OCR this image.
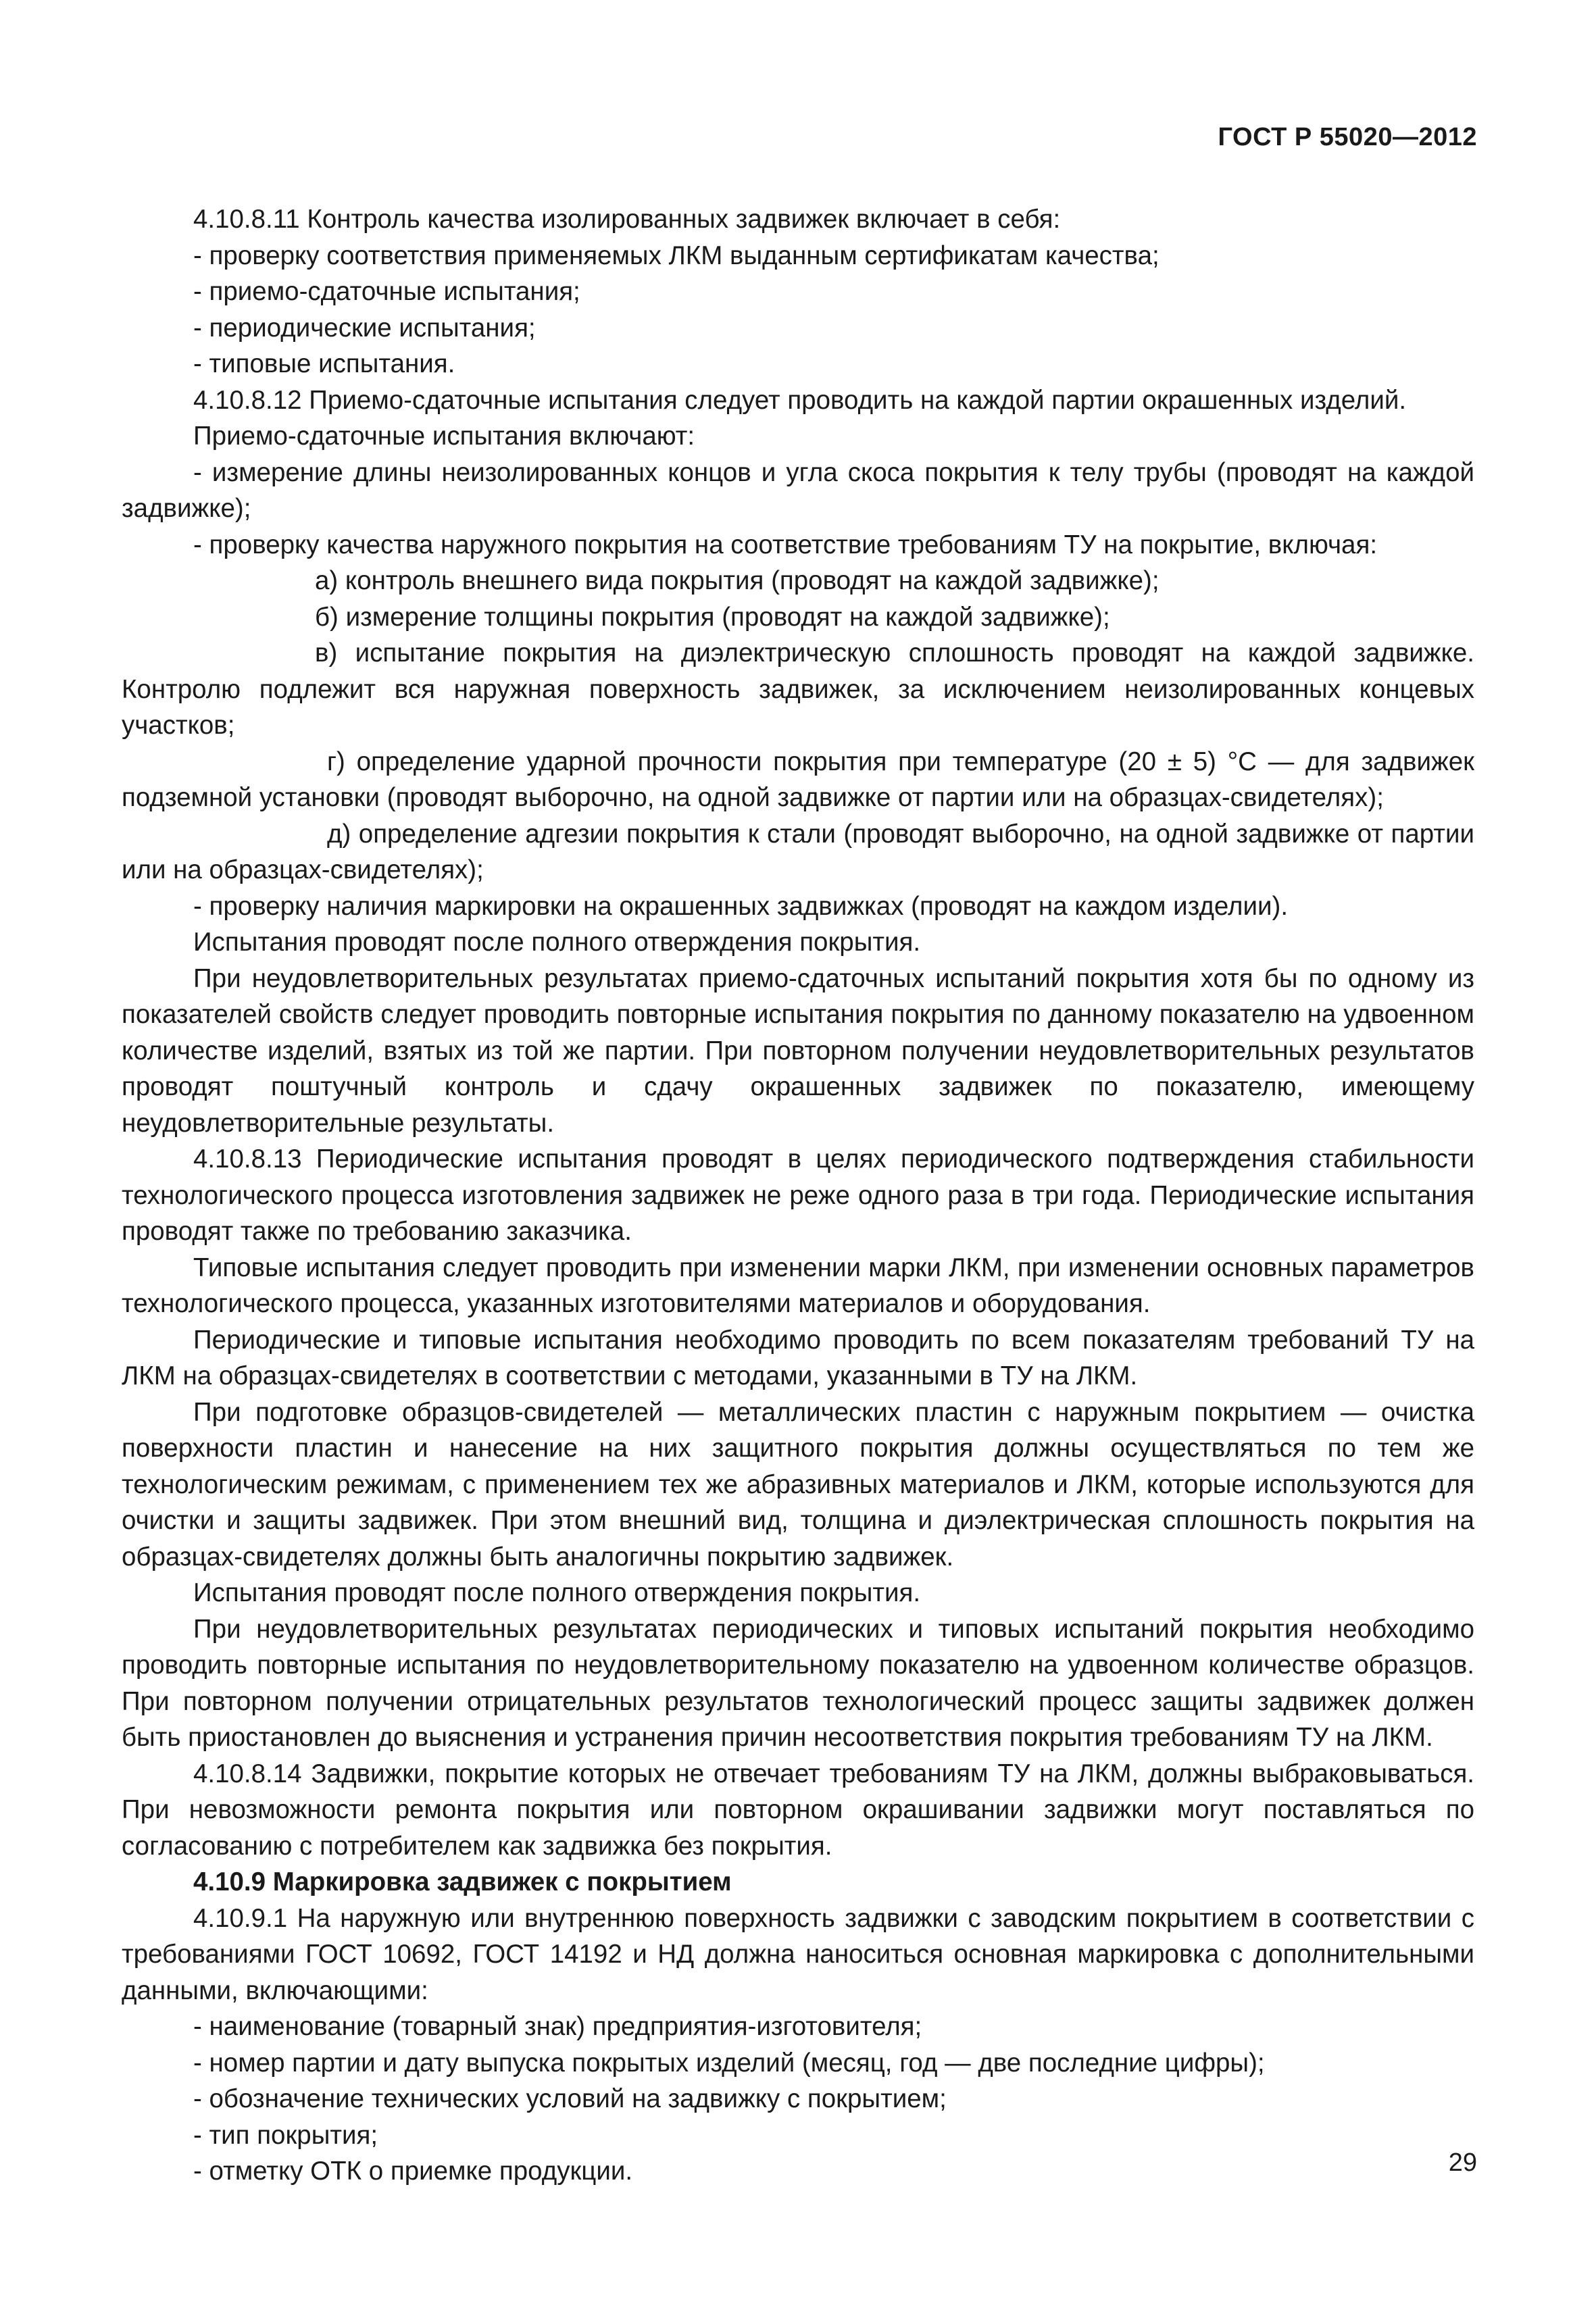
ГОСТ Р 55020—2012

4.10.8.11 Контроль качества изолированных задвижек включает в себя:

- проверку соответствия применяемых ЛКМ выданным сертификатам качества;

- приемо-сдаточные испытания;

- периодические испытания;

- типовые испытания.

4.10.8.12 Приемо-сдаточные испытания следует проводить на каждой партии окрашенных изделий.

Приемо-сдаточные испытания включают:

- измерение длины неизолированных концов и угла скоса покрытия к телу трубы (проводят на каждой задвижке);

- проверку качества наружного покрытия на соответствие требованиям ТУ на покрытие, включая:

а) контроль внешнего вида покрытия (проводят на каждой задвижке);

б) измерение толщины покрытия (проводят на каждой задвижке);

в) испытание покрытия на диэлектрическую сплошность проводят на каждой задвижке. Контролю подлежит вся наружная поверхность задвижек, за исключением неизолированных концевых участков;

г) определение ударной прочности покрытия при температуре (20 ± 5) °С — для задвижек подземной установки (проводят выборочно, на одной задвижке от партии или на образцах-свидетелях);

д) определение адгезии покрытия к стали (проводят выборочно, на одной задвижке от партии или на образцах-свидетелях);

- проверку наличия маркировки на окрашенных задвижках (проводят на каждом изделии).

Испытания проводят после полного отверждения покрытия.

При неудовлетворительных результатах приемо-сдаточных испытаний покрытия хотя бы по одному из показателей свойств следует проводить повторные испытания покрытия по данному показателю на удвоенном количестве изделий, взятых из той же партии. При повторном получении неудовлетворительных результатов проводят поштучный контроль и сдачу окрашенных задвижек по показателю, имеющему неудовлетворительные результаты.

4.10.8.13 Периодические испытания проводят в целях периодического подтверждения стабильности технологического процесса изготовления задвижек не реже одного раза в три года. Периодические испытания проводят также по требованию заказчика.

Типовые испытания следует проводить при изменении марки ЛКМ, при изменении основных параметров технологического процесса, указанных изготовителями материалов и оборудования.

Периодические и типовые испытания необходимо проводить по всем показателям требований ТУ на ЛКМ на образцах-свидетелях в соответствии с методами, указанными в ТУ на ЛКМ.

При подготовке образцов-свидетелей — металлических пластин с наружным покрытием — очистка поверхности пластин и нанесение на них защитного покрытия должны осуществляться по тем же технологическим режимам, с применением тех же абразивных материалов и ЛКМ, которые используются для очистки и защиты задвижек. При этом внешний вид, толщина и диэлектрическая сплошность покрытия на образцах-свидетелях должны быть аналогичны покрытию задвижек.

Испытания проводят после полного отверждения покрытия.

При неудовлетворительных результатах периодических и типовых испытаний покрытия необходимо проводить повторные испытания по неудовлетворительному показателю на удвоенном количестве образцов. При повторном получении отрицательных результатов технологический процесс защиты задвижек должен быть приостановлен до выяснения и устранения причин несоответствия покрытия требованиям ТУ на ЛКМ.

4.10.8.14 Задвижки, покрытие которых не отвечает требованиям ТУ на ЛКМ, должны выбраковываться. При невозможности ремонта покрытия или повторном окрашивании задвижки могут поставляться по согласованию с потребителем как задвижка без покрытия.

4.10.9 Маркировка задвижек с покрытием

4.10.9.1 На наружную или внутреннюю поверхность задвижки с заводским покрытием в соответствии с требованиями ГОСТ 10692, ГОСТ 14192 и НД должна наноситься основная маркировка с дополнительными данными, включающими:

- наименование (товарный знак) предприятия-изготовителя;

- номер партии и дату выпуска покрытых изделий (месяц, год — две последние цифры);

- обозначение технических условий на задвижку с покрытием;

- тип покрытия;

- отметку ОТК о приемке продукции.	29
